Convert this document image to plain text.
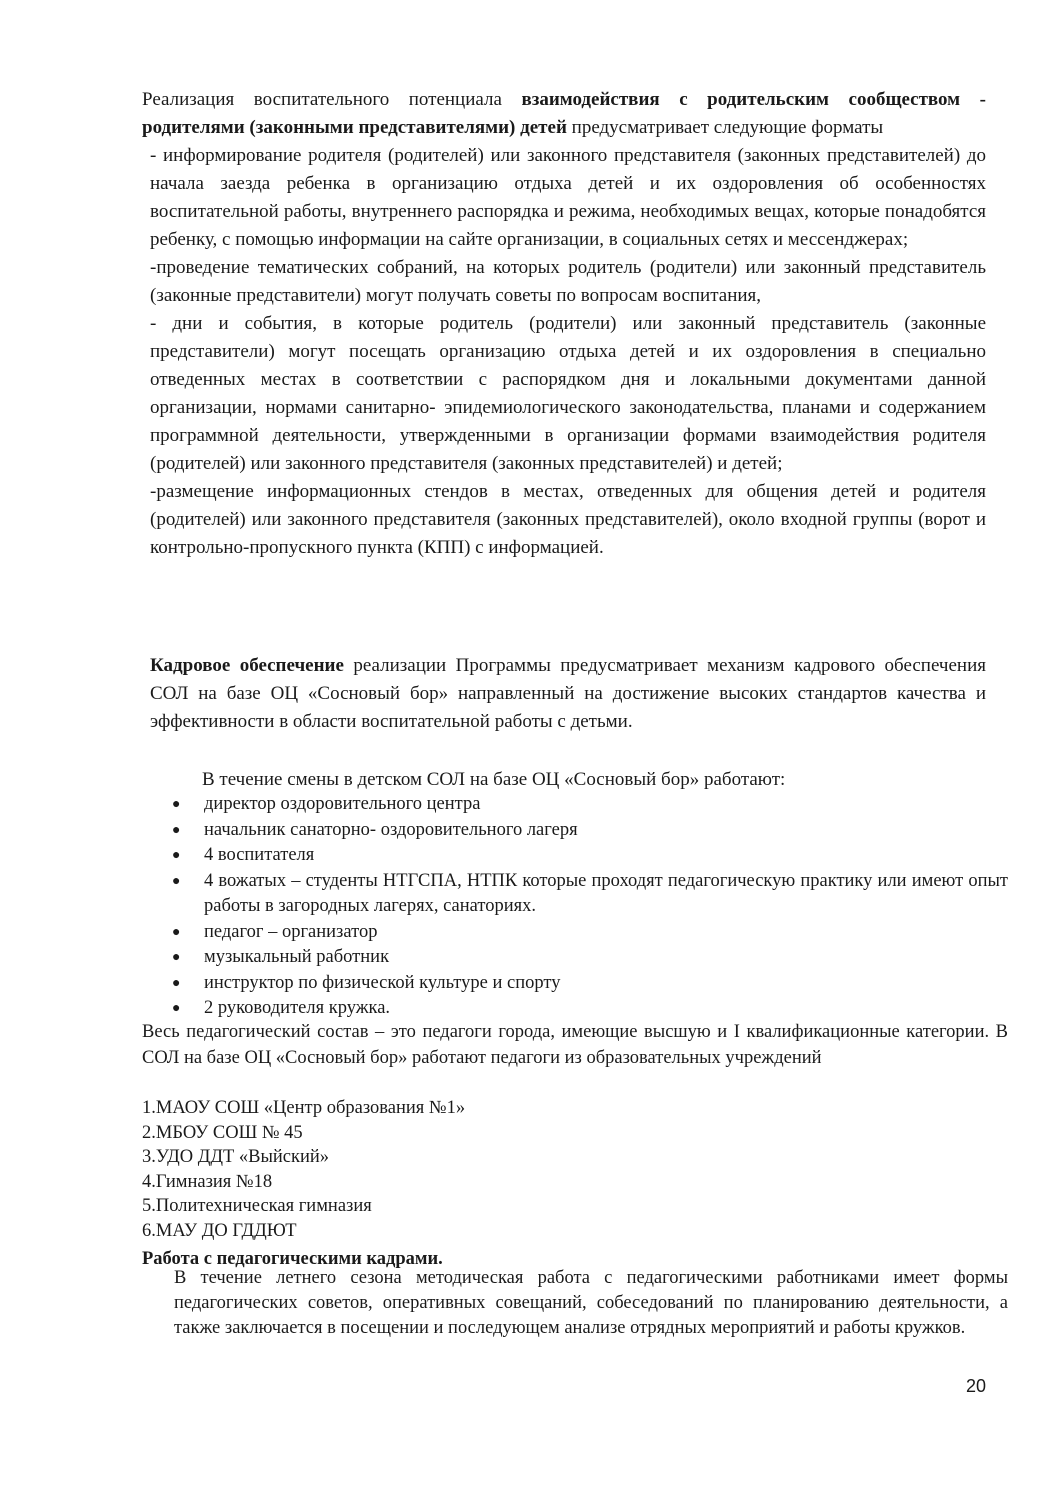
Реализация воспитательного потенциала взаимодействия с родительским сообществом - родителями (законными представителями) детей предусматривает следующие форматы

- информирование родителя (родителей) или законного представителя (законных представителей) до начала заезда ребенка в организацию отдыха детей и их оздоровления об особенностях воспитательной работы, внутреннего распорядка и режима, необходимых вещах, которые понадобятся ребенку, с помощью информации на сайте организации, в социальных сетях и мессенджерах;

-проведение тематических собраний, на которых родитель (родители) или законный представитель (законные представители) могут получать советы по вопросам воспитания,

- дни и события, в которые родитель (родители) или законный представитель (законные представители) могут посещать организацию отдыха детей и их оздоровления в специально отведенных местах в соответствии с распорядком дня и локальными документами данной организации, нормами санитарно- эпидемиологического законодательства, планами и содержанием программной деятельности, утвержденными в организации формами взаимодействия родителя (родителей) или законного представителя (законных представителей) и детей;

-размещение информационных стендов в местах, отведенных для общения детей и родителя (родителей) или законного представителя (законных представителей), около входной группы (ворот и контрольно-пропускного пункта (КПП) с информацией.

Кадровое обеспечение реализации Программы предусматривает механизм кадрового обеспечения СОЛ на базе ОЦ «Сосновый бор» направленный на достижение высоких стандартов качества и эффективности в области воспитательной работы с детьми.

В течение смены в детском СОЛ на базе ОЦ «Сосновый бор» работают:
● директор оздоровительного центра
● начальник санаторно- оздоровительного лагеря
● 4 воспитателя
● 4 вожатых – студенты НТГСПА, НТПК которые проходят педагогическую практику или имеют опыт работы в загородных лагерях, санаториях.
● педагог – организатор
● музыкальный работник
● инструктор по физической культуре и спорту
● 2 руководителя кружка.
Весь педагогический состав – это педагоги города, имеющие высшую и I квалификационные категории. В СОЛ на базе ОЦ «Сосновый бор» работают педагоги из образовательных учреждений
1.МАОУ СОШ «Центр образования №1»
2.МБОУ СОШ № 45
3.УДО ДДТ «Выйский»
4.Гимназия №18
5.Политехническая гимназия
6.МАУ ДО ГДДЮТ
Работа с педагогическими кадрами.
В течение летнего сезона методическая работа с педагогическими работниками имеет формы педагогических советов, оперативных совещаний, собеседований по планированию деятельности, а также заключается в посещении и последующем анализе отрядных мероприятий и работы кружков.
20
